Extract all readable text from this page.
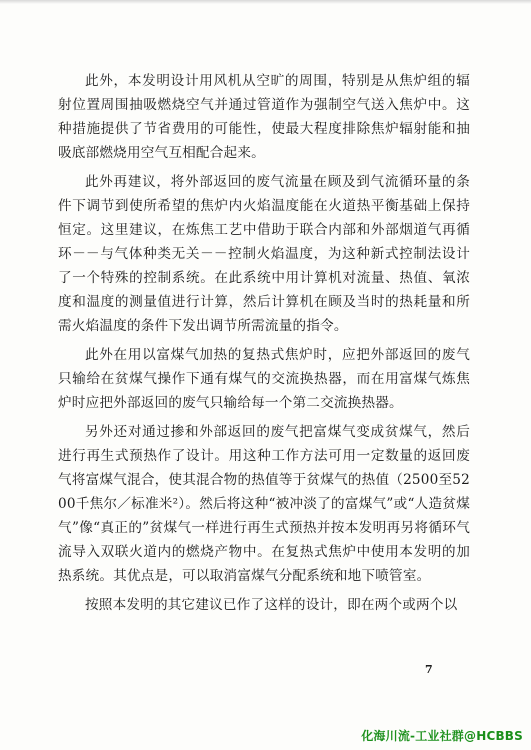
此外，本发明设计用风机从空旷的周围，特别是从焦炉组的辐射位置周围抽吸燃烧空气并通过管道作为强制空气送入焦炉中。这种措施提供了节省费用的可能性，使最大程度排除焦炉辐射能和抽吸底部燃烧用空气互相配合起来。

此外再建议，将外部返回的废气流量在顾及到气流循环量的条件下调节到使所希望的焦炉内火焰温度能在火道热平衡基础上保持恒定。这里建议，在炼焦工艺中借助于联合内部和外部烟道气再循环－－与气体种类无关－－控制火焰温度，为这种新式控制法设计了一个特殊的控制系统。在此系统中用计算机对流量、热值、氧浓度和温度的测量值进行计算，然后计算机在顾及当时的热耗量和所需火焰温度的条件下发出调节所需流量的指令。

此外在用以富煤气加热的复热式焦炉时，应把外部返回的废气只输给在贫煤气操作下通有煤气的交流换热器，而在用富煤气炼焦炉时应把外部返回的废气只输给每一个第二交流换热器。

另外还对通过掺和外部返回的废气把富煤气变成贫煤气，然后进行再生式预热作了设计。用这种工作方法可用一定数量的返回废气将富煤气混合，使其混合物的热值等于贫煤气的热值（2500至5200千焦尔／标准米²）。然后将这种“被冲淡了的富煤气”或“人造贫煤气”像“真正的”贫煤气一样进行再生式预热并按本发明再另将循环气流导入双联火道内的燃烧产物中。在复热式焦炉中使用本发明的加热系统。其优点是，可以取消富煤气分配系统和地下喷管室。

按照本发明的其它建议已作了这样的设计，即在两个或两个以

7
化海川流-工业社群@HCBBS
